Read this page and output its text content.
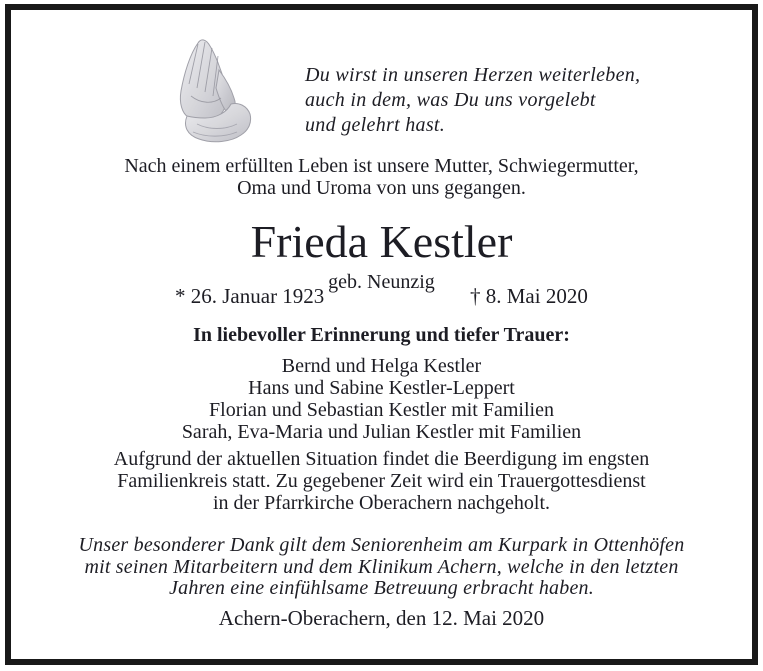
Du wirst in unseren Herzen weiterleben,
auch in dem, was Du uns vorgelebt
und gelehrt hast.
Nach einem erfüllten Leben ist unsere Mutter, Schwiegermutter,
Oma und Uroma von uns gegangen.
Frieda Kestler
geb. Neunzig
* 26. Januar 1923	† 8. Mai 2020
In liebevoller Erinnerung und tiefer Trauer:
Bernd und Helga Kestler
Hans und Sabine Kestler-Leppert
Florian und Sebastian Kestler mit Familien
Sarah, Eva-Maria und Julian Kestler mit Familien
Aufgrund der aktuellen Situation findet die Beerdigung im engsten
Familienkreis statt. Zu gegebener Zeit wird ein Trauergottesdienst
in der Pfarrkirche Oberachern nachgeholt.
Unser besonderer Dank gilt dem Seniorenheim am Kurpark in Ottenhöfen
mit seinen Mitarbeitern und dem Klinikum Achern, welche in den letzten
Jahren eine einfühlsame Betreuung erbracht haben.
Achern-Oberachern, den 12. Mai 2020
